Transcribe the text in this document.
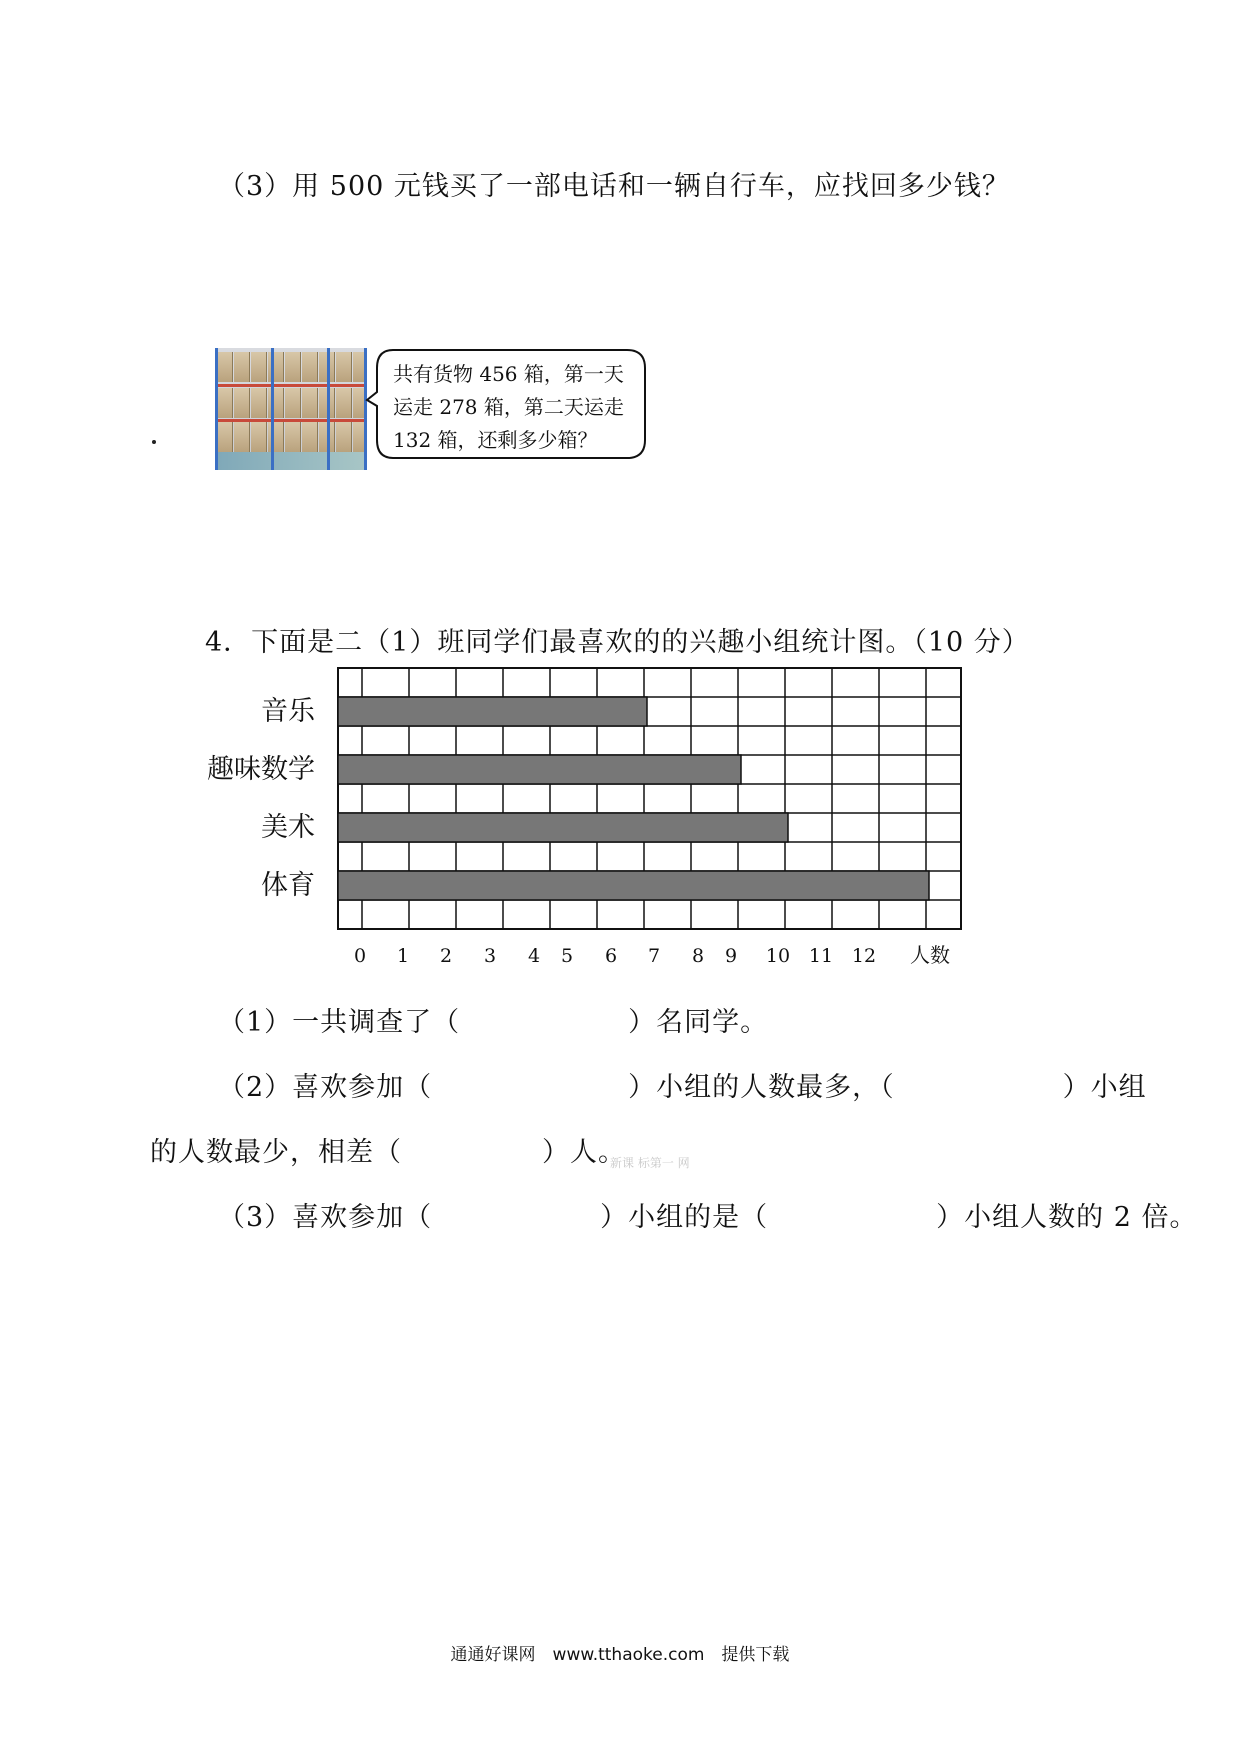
（3）用 500 元钱买了一部电话和一辆自行车，应找回多少钱？
共有货物 456 箱，第一天
运走 278 箱，第二天运走
132 箱，还剩多少箱？
4．下面是二（1）班同学们最喜欢的的兴趣小组统计图。（10 分）
音乐
趣味数学
美术
体育
0 1 2 3 4 5 6 7 8 9 10 11 12 人数
（1）一共调查了（　　　　　　）名同学。
（2）喜欢参加（　　　　　　　）小组的人数最多，（　　　　　　）小组
的人数最少，相差（　　　　　）人。
新课 标第一 网
（3）喜欢参加（　　　　　　）小组的是（　　　　　　）小组人数的 2 倍。
通通好课网　www.tthaoke.com　提供下载
